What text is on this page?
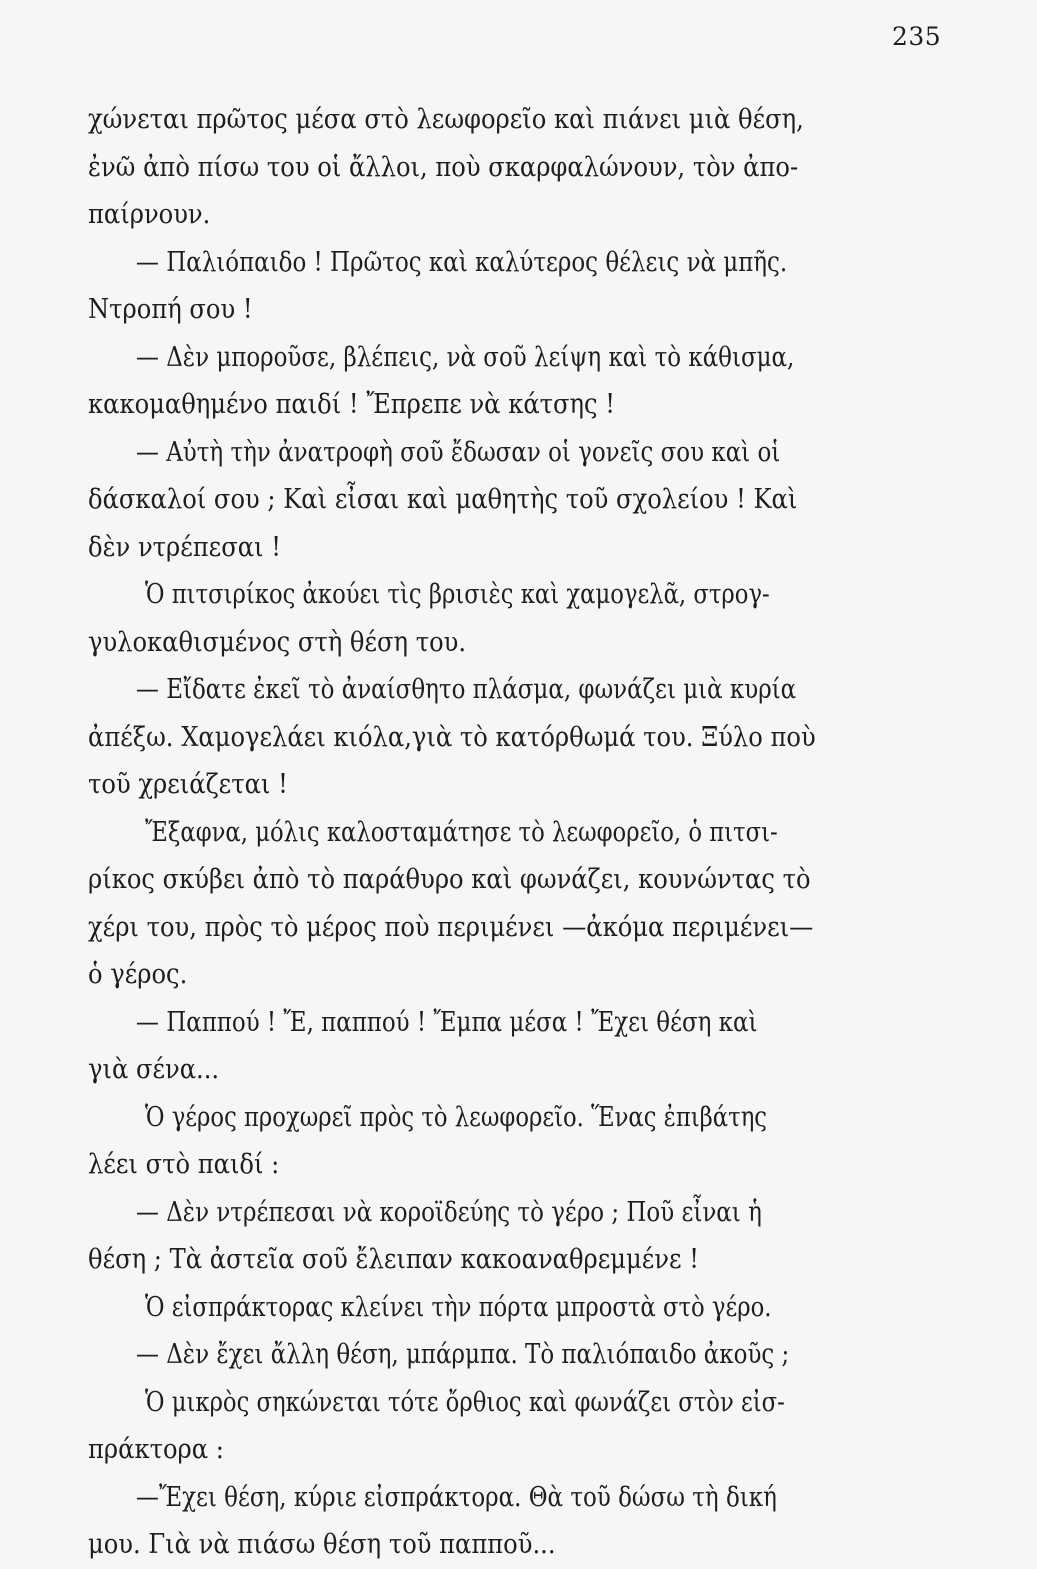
235
χώνεται πρῶτος μέσα στὸ λεωφορεῖο καὶ πιάνει μιὰ θέση,
ἐνῶ ἀπὸ πίσω του οἱ ἄλλοι, ποὺ σκαρφαλώνουν, τὸν ἀπο-
παίρνουν.
— Παλιόπαιδο ! Πρῶτος καὶ καλύτερος θέλεις νὰ μπῆς.
Ντροπή σου !
— Δὲν μποροῦσε, βλέπεις, νὰ σοῦ λείψη καὶ τὸ κάθισμα,
κακομαθημένο παιδί ! Ἔπρεπε νὰ κάτσης !
— Αὐτὴ τὴν ἀνατροφὴ σοῦ ἔδωσαν οἱ γονεῖς σου καὶ οἱ
δάσκαλοί σου ; Καὶ εἶσαι καὶ μαθητὴς τοῦ σχολείου ! Καὶ
δὲν ντρέπεσαι !
Ὁ πιτσιρίκος ἀκούει τὶς βρισιὲς καὶ χαμογελᾶ, στρογ-
γυλοκαθισμένος στὴ θέση του.
— Εἴδατε ἐκεῖ τὸ ἀναίσθητο πλάσμα, φωνάζει μιὰ κυρία
ἀπέξω. Χαμογελάει κιόλα,γιὰ τὸ κατόρθωμά του. Ξύλο ποὺ
τοῦ χρειάζεται !
Ἔξαφνα, μόλις καλοσταμάτησε τὸ λεωφορεῖο, ὁ πιτσι-
ρίκος σκύβει ἀπὸ τὸ παράθυρο καὶ φωνάζει, κουνώντας τὸ
χέρι του, πρὸς τὸ μέρος ποὺ περιμένει —ἀκόμα περιμένει—
ὁ γέρος.
— Παππού ! Ἔ, παππού ! Ἔμπα μέσα ! Ἔχει θέση καὶ
γιὰ σένα...
Ὁ γέρος προχωρεῖ πρὸς τὸ λεωφορεῖο. Ἕνας ἐπιβάτης
λέει στὸ παιδί :
— Δὲν ντρέπεσαι νὰ κοροϊδεύης τὸ γέρο ; Ποῦ εἶναι ἡ
θέση ; Τὰ ἀστεῖα σοῦ ἔλειπαν κακοαναθρεμμένε !
Ὁ εἰσπράκτορας κλείνει τὴν πόρτα μπροστὰ στὸ γέρο.
— Δὲν ἔχει ἄλλη θέση, μπάρμπα. Τὸ παλιόπαιδο ἀκοῦς ;
Ὁ μικρὸς σηκώνεται τότε ὄρθιος καὶ φωνάζει στὸν εἰσ-
πράκτορα :
—Ἔχει θέση, κύριε εἰσπράκτορα. Θὰ τοῦ δώσω τὴ δική
μου. Γιὰ νὰ πιάσω θέση τοῦ παπποῦ...
